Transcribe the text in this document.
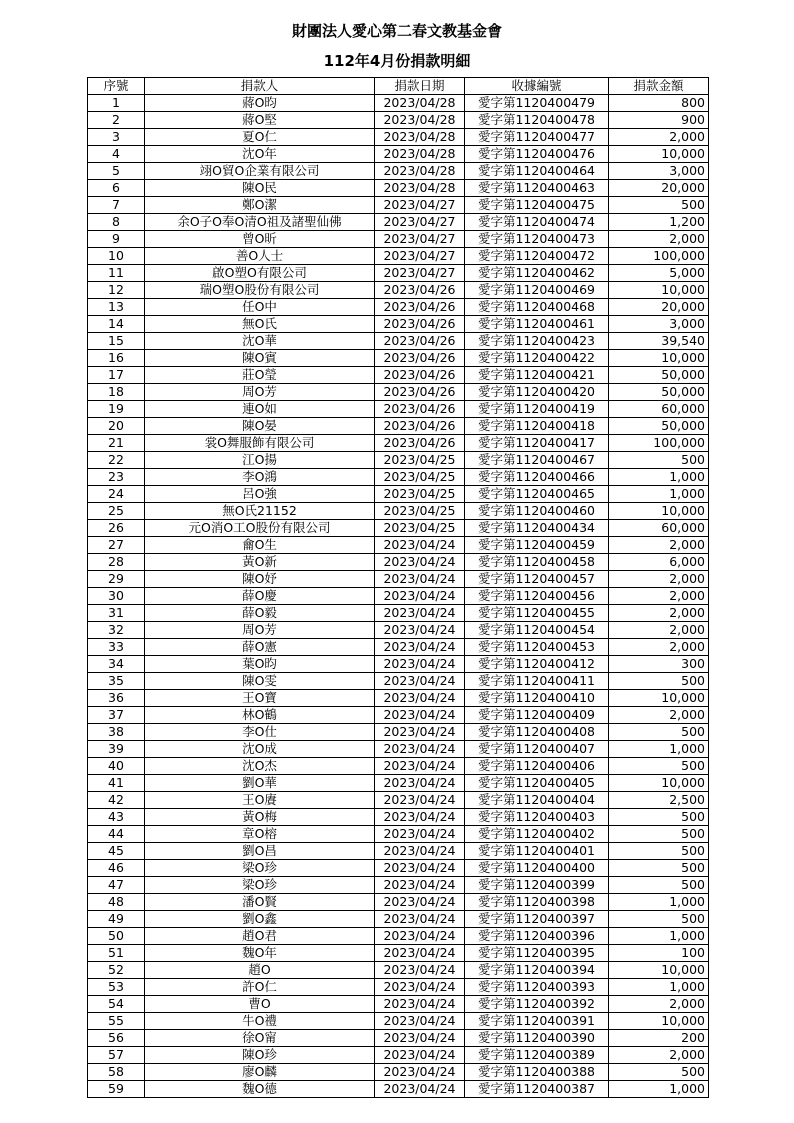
財團法人愛心第二春文教基金會
112年4月份捐款明細
序號	捐款人	捐款日期	收據編號	捐款金額
1	蔣O昀	2023/04/28	愛字第1120400479	800
2	蔣O堅	2023/04/28	愛字第1120400478	900
3	夏O仁	2023/04/28	愛字第1120400477	2,000
4	沈O年	2023/04/28	愛字第1120400476	10,000
5	翊O貿O企業有限公司	2023/04/28	愛字第1120400464	3,000
6	陳O民	2023/04/28	愛字第1120400463	20,000
7	鄭O潔	2023/04/27	愛字第1120400475	500
8	余O子O奉O清O祖及諸聖仙佛	2023/04/27	愛字第1120400474	1,200
9	曾O昕	2023/04/27	愛字第1120400473	2,000
10	善O人士	2023/04/27	愛字第1120400472	100,000
11	啟O塑O有限公司	2023/04/27	愛字第1120400462	5,000
12	瑞O塑O股份有限公司	2023/04/26	愛字第1120400469	10,000
13	任O中	2023/04/26	愛字第1120400468	20,000
14	無O氏	2023/04/26	愛字第1120400461	3,000
15	沈O華	2023/04/26	愛字第1120400423	39,540
16	陳O賓	2023/04/26	愛字第1120400422	10,000
17	莊O瑩	2023/04/26	愛字第1120400421	50,000
18	周O芳	2023/04/26	愛字第1120400420	50,000
19	連O如	2023/04/26	愛字第1120400419	60,000
20	陳O晏	2023/04/26	愛字第1120400418	50,000
21	裳O舞服飾有限公司	2023/04/26	愛字第1120400417	100,000
22	江O揚	2023/04/25	愛字第1120400467	500
23	李O鴻	2023/04/25	愛字第1120400466	1,000
24	呂O強	2023/04/25	愛字第1120400465	1,000
25	無O氏21152	2023/04/25	愛字第1120400460	10,000
26	元O消O工O股份有限公司	2023/04/25	愛字第1120400434	60,000
27	龠O生	2023/04/24	愛字第1120400459	2,000
28	黃O新	2023/04/24	愛字第1120400458	6,000
29	陳O妤	2023/04/24	愛字第1120400457	2,000
30	薛O慶	2023/04/24	愛字第1120400456	2,000
31	薛O毅	2023/04/24	愛字第1120400455	2,000
32	周O芳	2023/04/24	愛字第1120400454	2,000
33	薛O憲	2023/04/24	愛字第1120400453	2,000
34	葉O昀	2023/04/24	愛字第1120400412	300
35	陳O雯	2023/04/24	愛字第1120400411	500
36	王O寶	2023/04/24	愛字第1120400410	10,000
37	林O鶴	2023/04/24	愛字第1120400409	2,000
38	李O仕	2023/04/24	愛字第1120400408	500
39	沈O成	2023/04/24	愛字第1120400407	1,000
40	沈O杰	2023/04/24	愛字第1120400406	500
41	劉O華	2023/04/24	愛字第1120400405	10,000
42	王O賡	2023/04/24	愛字第1120400404	2,500
43	黃O梅	2023/04/24	愛字第1120400403	500
44	章O榕	2023/04/24	愛字第1120400402	500
45	劉O昌	2023/04/24	愛字第1120400401	500
46	梁O珍	2023/04/24	愛字第1120400400	500
47	梁O珍	2023/04/24	愛字第1120400399	500
48	潘O賢	2023/04/24	愛字第1120400398	1,000
49	劉O鑫	2023/04/24	愛字第1120400397	500
50	趙O君	2023/04/24	愛字第1120400396	1,000
51	魏O年	2023/04/24	愛字第1120400395	100
52	趙O	2023/04/24	愛字第1120400394	10,000
53	許O仁	2023/04/24	愛字第1120400393	1,000
54	曹O	2023/04/24	愛字第1120400392	2,000
55	牛O禮	2023/04/24	愛字第1120400391	10,000
56	徐O甯	2023/04/24	愛字第1120400390	200
57	陳O珍	2023/04/24	愛字第1120400389	2,000
58	廖O麟	2023/04/24	愛字第1120400388	500
59	魏O德	2023/04/24	愛字第1120400387	1,000
